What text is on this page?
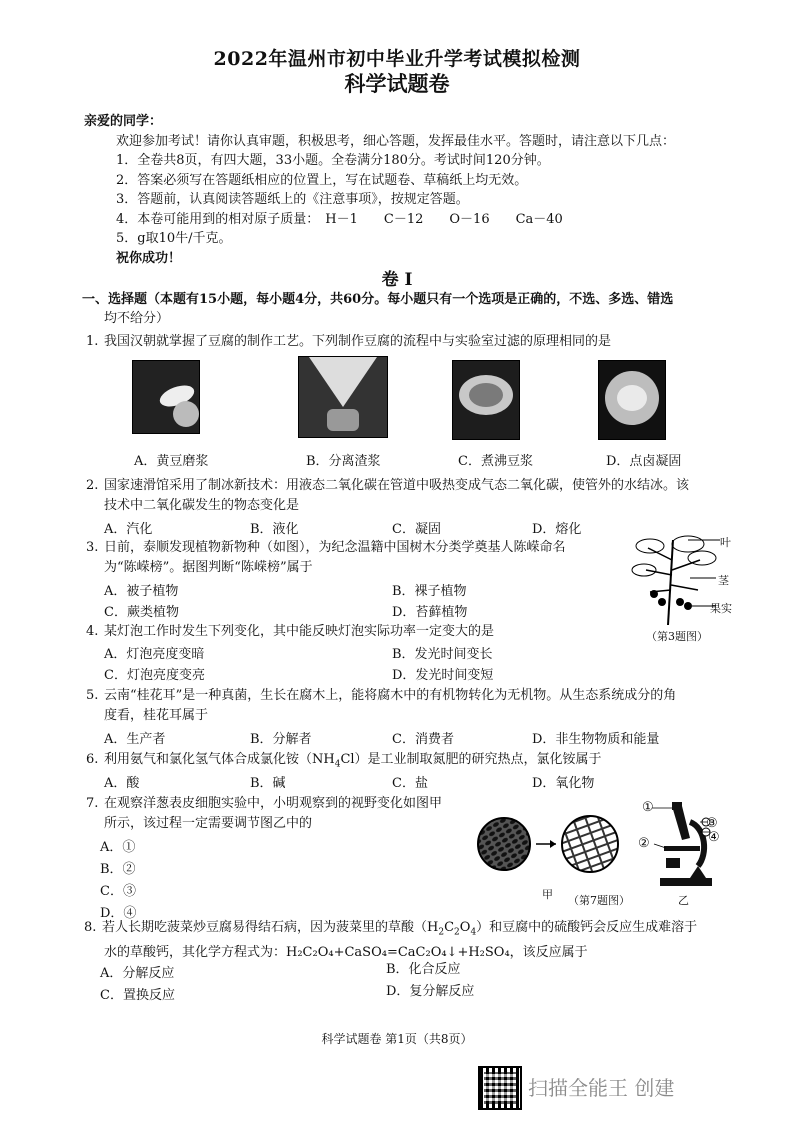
2022年温州市初中毕业升学考试模拟检测
科学试题卷
亲爱的同学：
欢迎参加考试！请你认真审题，积极思考，细心答题，发挥最佳水平。答题时，请注意以下几点：
1．全卷共8页，有四大题，33小题。全卷满分180分。考试时间120分钟。
2．答案必须写在答题纸相应的位置上，写在试题卷、草稿纸上均无效。
3．答题前，认真阅读答题纸上的《注意事项》，按规定答题。
4．本卷可能用到的相对原子质量： H－1 C－12 O－16 Ca－40
5．g取10牛/千克。
祝你成功！
卷 I
一、选择题（本题有15小题，每小题4分，共60分。每小题只有一个选项是正确的，不选、多选、错选
均不给分）
1. 我国汉朝就掌握了豆腐的制作工艺。下列制作豆腐的流程中与实验室过滤的原理相同的是
A．黄豆磨浆	B．分离渣浆	C．煮沸豆浆	D．点卤凝固
2. 国家速滑馆采用了制冰新技术：用液态二氧化碳在管道中吸热变成气态二氧化碳，使管外的水结冰。该
技术中二氧化碳发生的物态变化是
A．汽化	B．液化	C．凝固	D．熔化
3. 日前，泰顺发现植物新物种（如图），为纪念温籍中国树木分类学奠基人陈嵘命名
为“陈嵘榜”。据图判断“陈嵘榜”属于
A．被子植物	B．裸子植物
C．蕨类植物	D．苔藓植物
叶
茎
果实
（第3题图）
4. 某灯泡工作时发生下列变化，其中能反映灯泡实际功率一定变大的是
A．灯泡亮度变暗	B．发光时间变长
C．灯泡亮度变亮	D．发光时间变短
5. 云南“桂花耳”是一种真菌，生长在腐木上，能将腐木中的有机物转化为无机物。从生态系统成分的角
度看，桂花耳属于
A．生产者	B．分解者	C．消费者	D．非生物物质和能量
6. 利用氨气和氯化氢气体合成氯化铵$(NH_4Cl)$是工业制取氮肥的研究热点，氯化铵属于
A．酸	B．碱	C．盐	D．氧化物
7. 在观察洋葱表皮细胞实验中，小明观察到的视野变化如图甲
所示，该过程一定需要调节图乙中的
A．①
B．②
C．③
D．④
①
②
③
④
甲	乙
（第7题图）
8. 若人长期吃菠菜炒豆腐易得结石病，因为菠菜里的草酸$(H_2C_2O_4)$和豆腐中的硫酸钙会反应生成难溶于
水的草酸钙，其化学方程式为：H₂C₂O₄+CaSO₄=CaC₂O₄↓+H₂SO₄，该反应属于
A．分解反应	B．化合反应
C．置换反应	D．复分解反应
科学试题卷 第1页（共8页）
扫描全能王 创建
